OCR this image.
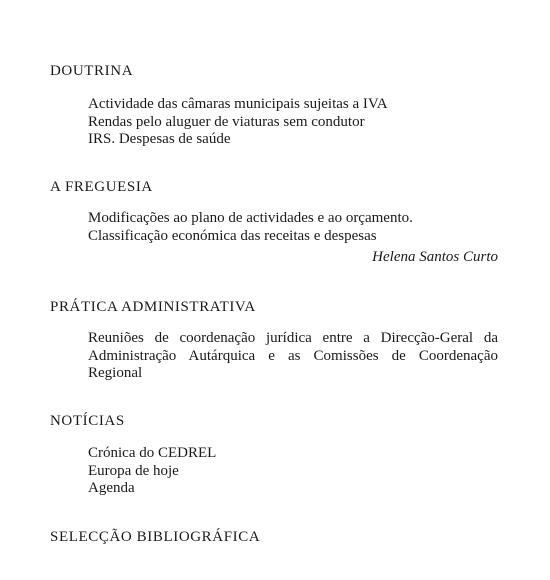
DOUTRINA
Actividade das câmaras municipais sujeitas a IVA
Rendas pelo aluguer de viaturas sem condutor
IRS. Despesas de saúde
A FREGUESIA
Modificações ao plano de actividades e ao orçamento.
Classificação económica das receitas e despesas

Helena Santos Curto

PRÁTICA ADMINISTRATIVA

Reuniões de coordenação jurídica entre a Direcção-Geral da Administração Autárquica e as Comissões de Coordenação Regional

NOTÍCIAS
Crónica do CEDREL
Europa de hoje
Agenda
SELECÇÃO BIBLIOGRÁFICA
